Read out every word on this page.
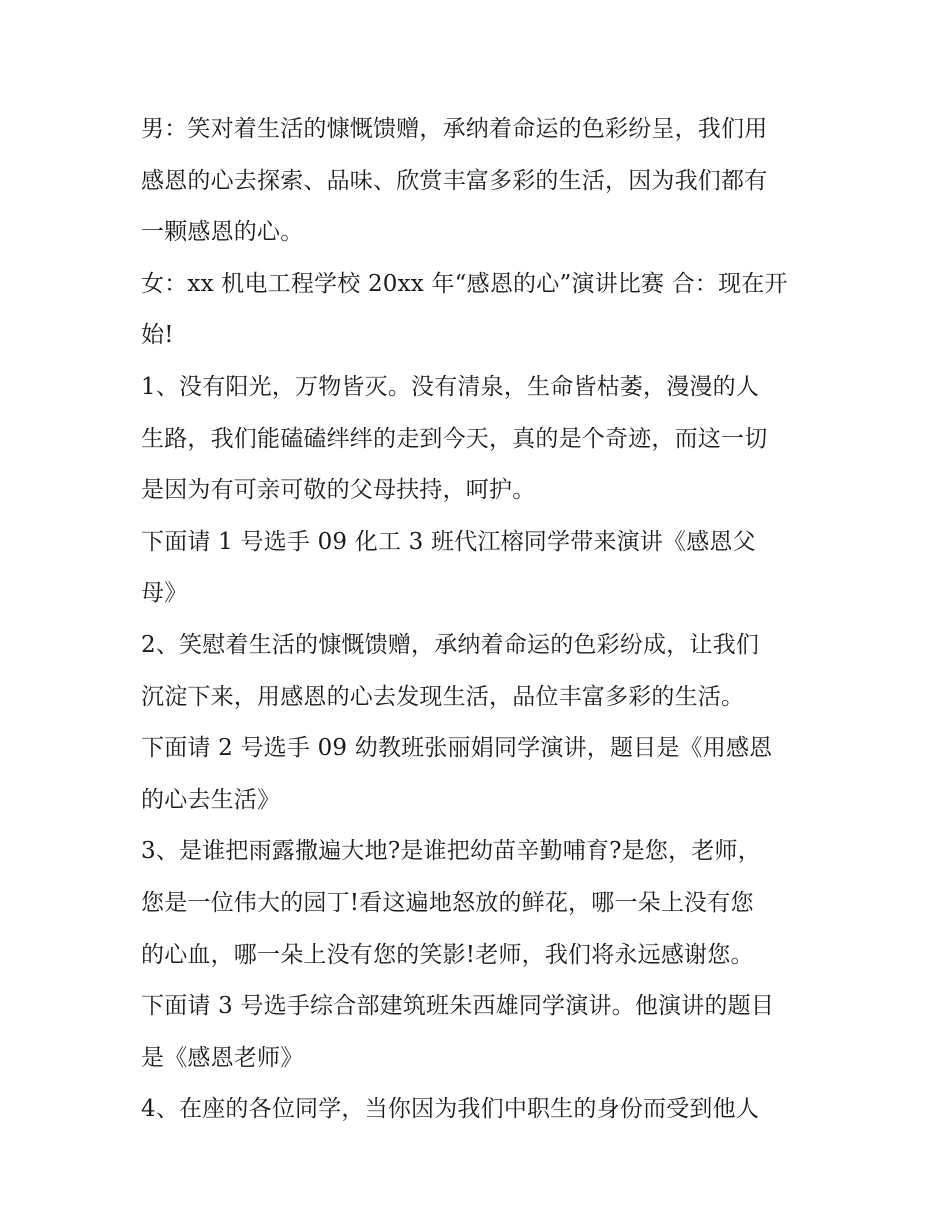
男：笑对着生活的慷慨馈赠，承纳着命运的色彩纷呈，我们用
感恩的心去探索、品味、欣赏丰富多彩的生活，因为我们都有
一颗感恩的心。
女：xx 机电工程学校 20xx 年“感恩的心”演讲比赛 合：现在开
始!
1、没有阳光，万物皆灭。没有清泉，生命皆枯萎，漫漫的人
生路，我们能磕磕绊绊的走到今天，真的是个奇迹，而这一切
是因为有可亲可敬的父母扶持，呵护。
下面请 1 号选手 09 化工 3 班代江榕同学带来演讲《感恩父
母》
2、笑慰着生活的慷慨馈赠，承纳着命运的色彩纷成，让我们
沉淀下来，用感恩的心去发现生活，品位丰富多彩的生活。
下面请 2 号选手 09 幼教班张丽娟同学演讲，题目是《用感恩
的心去生活》
3、是谁把雨露撒遍大地?是谁把幼苗辛勤哺育?是您，老师，
您是一位伟大的园丁!看这遍地怒放的鲜花，哪一朵上没有您
的心血，哪一朵上没有您的笑影!老师，我们将永远感谢您。
下面请 3 号选手综合部建筑班朱西雄同学演讲。他演讲的题目
是《感恩老师》
4、在座的各位同学，当你因为我们中职生的身份而受到他人
